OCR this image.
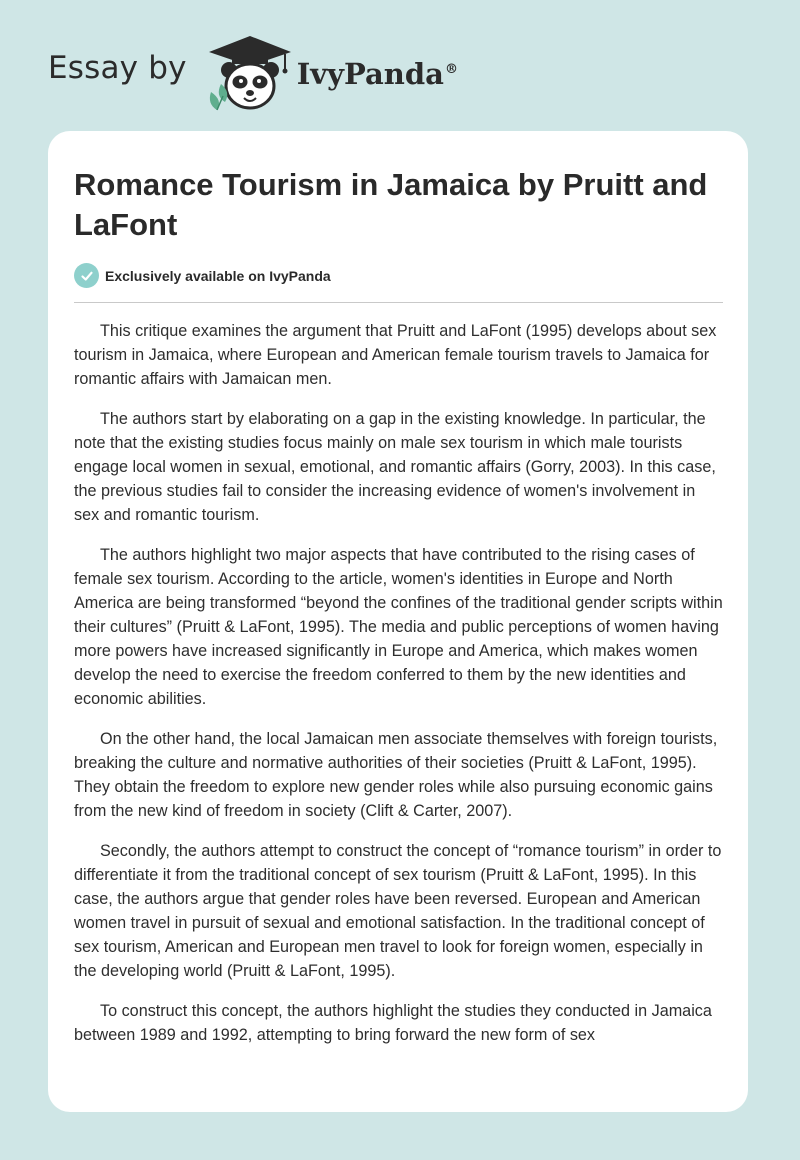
Essay by	IvyPanda®
Romance Tourism in Jamaica by Pruitt and LaFont
Exclusively available on IvyPanda

This critique examines the argument that Pruitt and LaFont (1995) develops about sex tourism in Jamaica, where European and American female tourism travels to Jamaica for romantic affairs with Jamaican men.

The authors start by elaborating on a gap in the existing knowledge. In particular, the note that the existing studies focus mainly on male sex tourism in which male tourists engage local women in sexual, emotional, and romantic affairs (Gorry, 2003). In this case, the previous studies fail to consider the increasing evidence of women's involvement in sex and romantic tourism.

The authors highlight two major aspects that have contributed to the rising cases of female sex tourism. According to the article, women's identities in Europe and North America are being transformed “beyond the confines of the traditional gender scripts within their cultures” (Pruitt & LaFont, 1995). The media and public perceptions of women having more powers have increased significantly in Europe and America, which makes women develop the need to exercise the freedom conferred to them by the new identities and economic abilities.

On the other hand, the local Jamaican men associate themselves with foreign tourists, breaking the culture and normative authorities of their societies (Pruitt & LaFont, 1995). They obtain the freedom to explore new gender roles while also pursuing economic gains from the new kind of freedom in society (Clift & Carter, 2007).

Secondly, the authors attempt to construct the concept of “romance tourism” in order to differentiate it from the traditional concept of sex tourism (Pruitt & LaFont, 1995). In this case, the authors argue that gender roles have been reversed. European and American women travel in pursuit of sexual and emotional satisfaction. In the traditional concept of sex tourism, American and European men travel to look for foreign women, especially in the developing world (Pruitt & LaFont, 1995).

To construct this concept, the authors highlight the studies they conducted in Jamaica between 1989 and 1992, attempting to bring forward the new form of sex
